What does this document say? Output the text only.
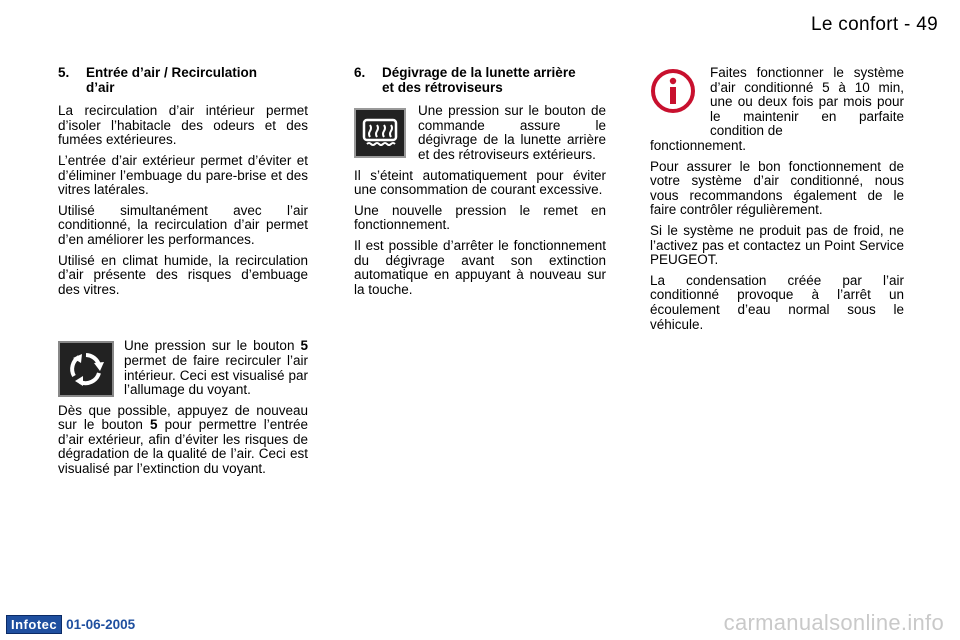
Le confort - 49
5. Entrée d’air / Recirculation
d’air

La recirculation d’air intérieur permet d’isoler l’habitacle des odeurs et des fumées extérieures.

L’entrée d’air extérieur permet d’éviter et d’éliminer l’embuage du pare-brise et des vitres latérales.

Utilisé simultanément avec l’air conditionné, la recirculation d’air permet d’en améliorer les performances.

Utilisé en climat humide, la recirculation d’air présente des risques d’embuage des vitres.

Une pression sur le bouton 5 permet de faire recirculer l’air intérieur. Ceci est visualisé par l’allumage du voyant.

Dès que possible, appuyez de nouveau sur le bouton 5 pour permettre l’entrée d’air extérieur, afin d’éviter les risques de dégradation de la qualité de l’air. Ceci est visualisé par l’extinction du voyant.

6. Dégivrage de la lunette arrière
et des rétroviseurs

Une pression sur le bouton de commande assure le dégivrage de la lunette arrière et des rétroviseurs extérieurs.

Il s’éteint automatiquement pour éviter une consommation de courant excessive.

Une nouvelle pression le remet en fonctionnement.

Il est possible d’arrêter le fonctionnement du dégivrage avant son extinction automatique en appuyant à nouveau sur la touche.

Faites fonctionner le système d’air conditionné 5 à 10 min, une ou deux fois par mois pour le maintenir en parfaite condition de

fonctionnement.

Pour assurer le bon fonctionnement de votre système d’air conditionné, nous vous recommandons également de le faire contrôler régulièrement.

Si le système ne produit pas de froid, ne l’activez pas et contactez un Point Service PEUGEOT.

La condensation créée par l’air conditionné provoque à l’arrêt un écoulement d’eau normal sous le véhicule.

Infotec 01-06-2005	carmanualsonline.info
